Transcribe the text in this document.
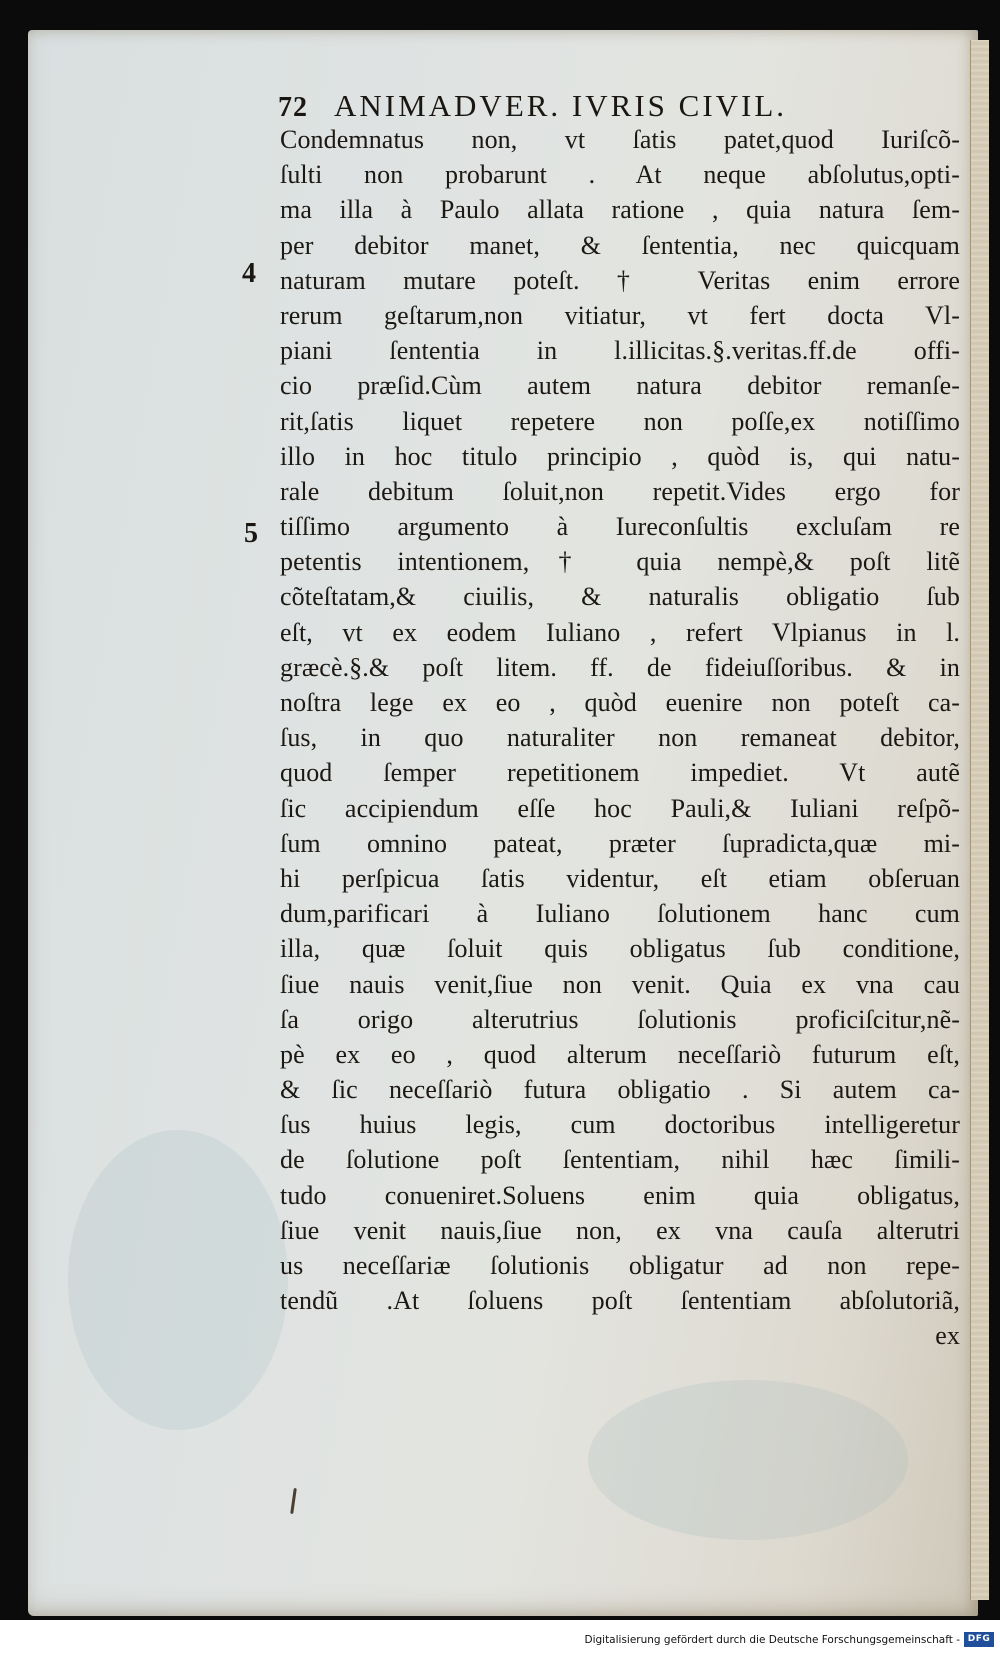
72 ANIMADVER. IVRIS CIVIL.
4
5
Condemnatus non, vt ſatis patet,quod Iuriſcõ-
ſulti non probarunt . At neque abſolutus,opti-
ma illa à Paulo allata ratione , quia natura ſem-
per debitor manet, & ſententia, nec quicquam
naturam mutare poteſt. † Veritas enim errore
rerum geſtarum,non vitiatur, vt fert docta Vl-
piani ſententia in l.illicitas.§.veritas.ff.de offi-
cio præſid.Cùm autem natura debitor remanſe-
rit,ſatis liquet repetere non poſſe,ex notiſſimo
illo in hoc titulo principio , quòd is, qui natu-
rale debitum ſoluit,non repetit.Vides ergo for
tiſſimo argumento à Iureconſultis excluſam re
petentis intentionem,† quia nempè,& poſt litẽ
cõteſtatam,& ciuilis, & naturalis obligatio ſub
eſt, vt ex eodem Iuliano , refert Vlpianus in l.
græcè.§.& poſt litem. ff. de fideiuſſoribus. & in
noſtra lege ex eo , quòd euenire non poteſt ca-
ſus, in quo naturaliter non remaneat debitor,
quod ſemper repetitionem impediet. Vt autẽ
ſic accipiendum eſſe hoc Pauli,& Iuliani reſpõ-
ſum omnino pateat, præter ſupradicta,quæ mi-
hi perſpicua ſatis videntur, eſt etiam obſeruan
dum,parificari à Iuliano ſolutionem hanc cum
illa, quæ ſoluit quis obligatus ſub conditione,
ſiue nauis venit,ſiue non venit. Quia ex vna cau
ſa origo alterutrius ſolutionis proficiſcitur,nẽ-
pè ex eo , quod alterum neceſſariò futurum eſt,
& ſic neceſſariò futura obligatio . Si autem ca-
ſus huius legis, cum doctoribus intelligeretur
de ſolutione poſt ſententiam, nihil hæc ſimili-
tudo conueniret.Soluens enim quia obligatus,
ſiue venit nauis,ſiue non, ex vna cauſa alterutri
us neceſſariæ ſolutionis obligatur ad non repe-
tendũ .At ſoluens poſt ſententiam abſolutoriã,
ex
Digitalisierung gefördert durch die Deutsche Forschungsgemeinschaft - DFG
